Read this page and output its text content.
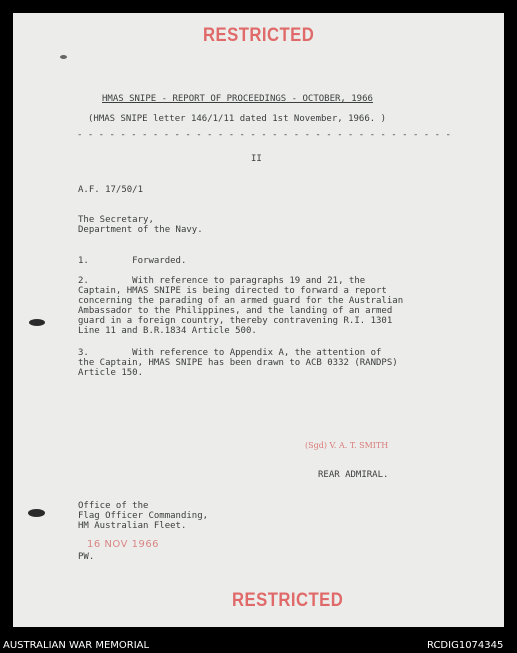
RESTRICTED
HMAS SNIPE - REPORT OF PROCEEDINGS - OCTOBER, 1966
(HMAS SNIPE letter 146/1/11 dated 1st November, 1966. )
- - - - - - - - - - - - - - - - - - - - - - - - - - - - - - - - - - -
II
A.F. 17/50/1
The Secretary,
Department of the Navy.
1.        Forwarded.
2.        With reference to paragraphs 19 and 21, the
Captain, HMAS SNIPE is being directed to forward a report
concerning the parading of an armed guard for the Australian
Ambassador to the Philippines, and the landing of an armed
guard in a foreign country, thereby contravening R.I. 1301
Line 11 and B.R.1834 Article 500.
3.        With reference to Appendix A, the attention of
the Captain, HMAS SNIPE has been drawn to ACB 0332 (RANDPS)
Article 150.
(Sgd) V. A. T. SMITH
REAR ADMIRAL.
Office of the
Flag Officer Commanding,
HM Australian Fleet.
16 NOV 1966
PW.
RESTRICTED
AUSTRALIAN WAR MEMORIAL	RCDIG1074345
